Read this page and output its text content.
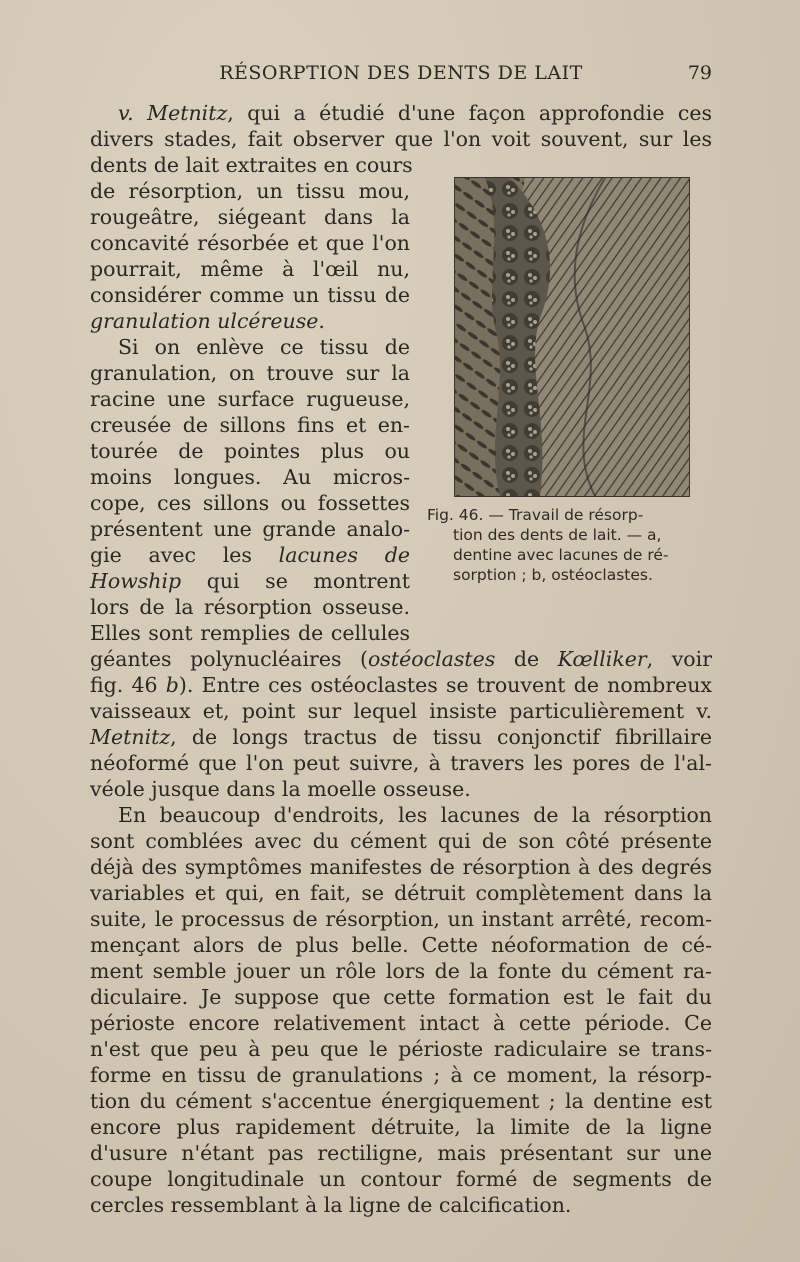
RÉSORPTION DES DENTS DE LAIT	79
v. Metnitz, qui a étudié d'une façon approfondie ces
divers stades, fait observer que l'on voit souvent, sur les
dents de lait extraites en cours
de résorption, un tissu mou,
rougeâtre, siégeant dans la
concavité résorbée et que l'on
pourrait, même à l'œil nu,
considérer comme un tissu de
granulation ulcéreuse.
Si on enlève ce tissu de
granulation, on trouve sur la
racine une surface rugueuse,
creusée de sillons fins et en-
tourée de pointes plus ou
moins longues. Au micros-
cope, ces sillons ou fossettes
présentent une grande analo-
gie avec les lacunes de
Howship qui se montrent
lors de la résorption osseuse.
Elles sont remplies de cellules
géantes polynucléaires (ostéoclastes de Kœlliker, voir
fig. 46 b). Entre ces ostéoclastes se trouvent de nombreux
vaisseaux et, point sur lequel insiste particulièrement v.
Metnitz, de longs tractus de tissu conjonctif fibrillaire
néoformé que l'on peut suivre, à travers les pores de l'al-
véole jusque dans la moelle osseuse.
En beaucoup d'endroits, les lacunes de la résorption
sont comblées avec du cément qui de son côté présente
déjà des symptômes manifestes de résorption à des degrés
variables et qui, en fait, se détruit complètement dans la
suite, le processus de résorption, un instant arrêté, recom-
mençant alors de plus belle. Cette néoformation de cé-
ment semble jouer un rôle lors de la fonte du cément ra-
diculaire. Je suppose que cette formation est le fait du
périoste encore relativement intact à cette période. Ce
n'est que peu à peu que le périoste radiculaire se trans-
forme en tissu de granulations ; à ce moment, la résorp-
tion du cément s'accentue énergiquement ; la dentine est
encore plus rapidement détruite, la limite de la ligne
d'usure n'étant pas rectiligne, mais présentant sur une
coupe longitudinale un contour formé de segments de
cercles ressemblant à la ligne de calcification.
Fig. 46. — Travail de résorp-
tion des dents de lait. — a,
dentine avec lacunes de ré-
sorption ; b, ostéoclastes.
